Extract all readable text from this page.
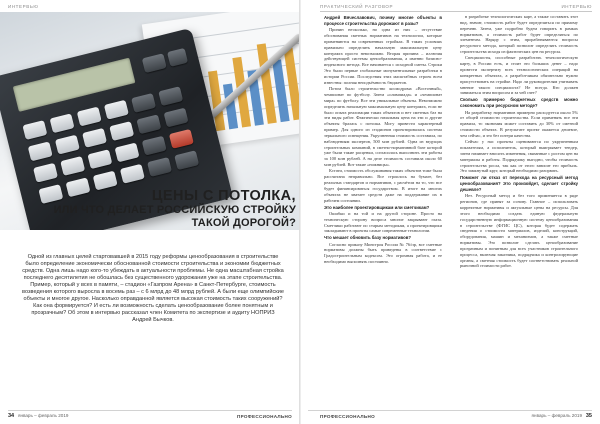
ИНТЕРВЬЮ
ЦЕНЫ С ПОТОЛКА,
ИЛИ ЧТО ДЕЛАЕТ РОССИЙСКУЮ СТРОЙКУ
ТАКОЙ ДОРОГОЙ?
Одной из главных целей стартовавшей в 2015 году реформы ценообразования в строительстве было определение экономически обоснованной стоимости строительства и экономии бюджетных средств. Одна лишь надо кого-то убеждать в актуальности проблемы. Не одна масштабная стройка последнего десятилетия не обошлась без существенного удорожания уже на этапе строительства. Пример, который у всех в памяти, – стадион «Газпром Арена» в Санкт-Петербурге, стоимость возведения которого выросла в восемь раз – с 6 млрд до 48 млрд рублей. А были еще олимпийские объекты и многое другое. Насколько оправданной является высокая стоимость таких сооружений? Как она формируется? И есть ли возможность сделать ценообразование более понятным и прозрачным? Об этом в интервью рассказал член Комитета по экспертизе и аудиту НОПРИЗ Андрей Бычков.
34 январь – февраль 2019	ПРОФЕССИОНАЛЬНО
ПРАКТИЧЕСКИЙ РАЗГОВОР	ИНТЕРВЬЮ

Андрей Вячеславович, почему многие объекты в процессе строительства дорожают в разы?

Причин несколько, но одна из них – отсутствие обоснования сметных нормативов на технологии, которые применяются на современных стройках. В таких условиях правильно определить начальную максимальную цену контракта просто невозможно. Вторая причина – иллюзия действующей системы ценообразования, а именно базисно-индексного метода. Все начинается с исходной сметы. Строки Это были первые глобальные монументальные разработки в истории России. Последствия этих масштабных строек всем известны: полная неподъёмность бюджетов.

Потом было строительство космодрома «Восточный», чемпионат по футболу. Затем «олимпиада» и «чемпионат мира» по футболу. Все эти уникальные объекты. Невозможно определить начальную максимальную цену контракта, если не было опыта реализации таких объектов и нет сметных баз на эти виды работ. Фактически начальная цена на эти и другие объекты бралась с потолка. Могу привести характерный пример. Для одного из стадионов проектировалась система зеркального освещения. Укрупненная стоимость составила, по наблюдениям экспертов, 500 млн рублей. Одна из ведущих строительных компаний, в сметно-нормативной базе которой уже были такие расценки, согласилась выполнить эти работы за 100 млн рублей. А на деле стоимость составила около 60 млн рублей. Вот такие «ножницы».

Кстати, стоимость обслуживания таких объектов тоже была рассчитана неправильно. Все строилось на бумаге, без реальных стандартов и нормативов, с расчётом на то, что все будет финансироваться государством. В итоге на многих объектах не хватает средств даже на поддержание их в рабочем состоянии.

Это наиболее проектировщикам или сметчикам?

Ошибки и на той и на другой стороне. Просто на техническую сторону вопроса многие закрывают глаза. Сметчики работают по старым методикам, а проектировщики закладывают в проекты самые современные технологии.

Что мешает обновить базу нормативов?

Согласно приказу Минстроя России № 76/пр, все сметные нормативы должны быть приведены в соответствие с Градостроительным кодексом. Это огромная работа, и ее необходимо выполнять постоянно.

в разработке технологических карт, а также составить этот вид, значит, стоимость работ будет определяться по прямому перечню. Затем, уже подробно будем говорить в рамках нормативов, а стоимость работ будет определяться по элементам. Наряду с этим, прорабатываются вопросы ресурсного метода, который позволит определять стоимость строительства исходя из фактических цен на ресурсы.

Специалисты, способные разработать технологическую карту, в России есть, и стоит это больших денег – надо провести экспертизу всех технологических операций на конкретных объектах, а разработчикам обязательно нужно присутствовать на стройке. Надо ли руководителям учитывать мнение такого специалиста? Не всегда. Кто должен заниматься этим вопросом и за чей счет?

Сколько примерно бюджетных средств можно сэкономить при ресурсном методе?

На разработку нормативов примерно расходуется около 5% от общей стоимости строительства. Если применять все эти правила, то экономия может составить до 30% от сметной стоимости объекта. В результате проект окажется дешевле, чем сейчас, и это без потери качества.

Сейчас у нас проекты оцениваются по укрупненным показателям, а исполнитель, который выигрывает тендер, затем начинает вносить изменения, связанные с ростом цен на материалы и работы. Подрядчику выгодно, чтобы стоимость строительства росла, так как от этого зависит его прибыль. Это замкнутый круг, который необходимо разорвать.

Поможет ли отказ от перехода на ресурсный метод ценообразования? Это произойдет, сделает стройку дешевле?

Нет. Ресурсный метод и без того применяется в ряде регионов, где принят за основу. Главное – использовать корректные нормативы и актуальные цены на ресурсы. Для этого необходимо создать единую федеральную государственную информационную систему ценообразования в строительстве (ФГИС ЦС), которая будет содержать сведения о стоимости материалов, изделий, конструкций, оборудования, машин и механизмов, а также сметные нормативы. Это позволит сделать ценообразование прозрачным и понятным для всех участников строительного процесса, включая заказчика, подрядчика и контролирующие органы, а сметная стоимость будет соответствовать реальной рыночной стоимости работ.

ПРОФЕССИОНАЛЬНО	январь – февраль 2019 35
